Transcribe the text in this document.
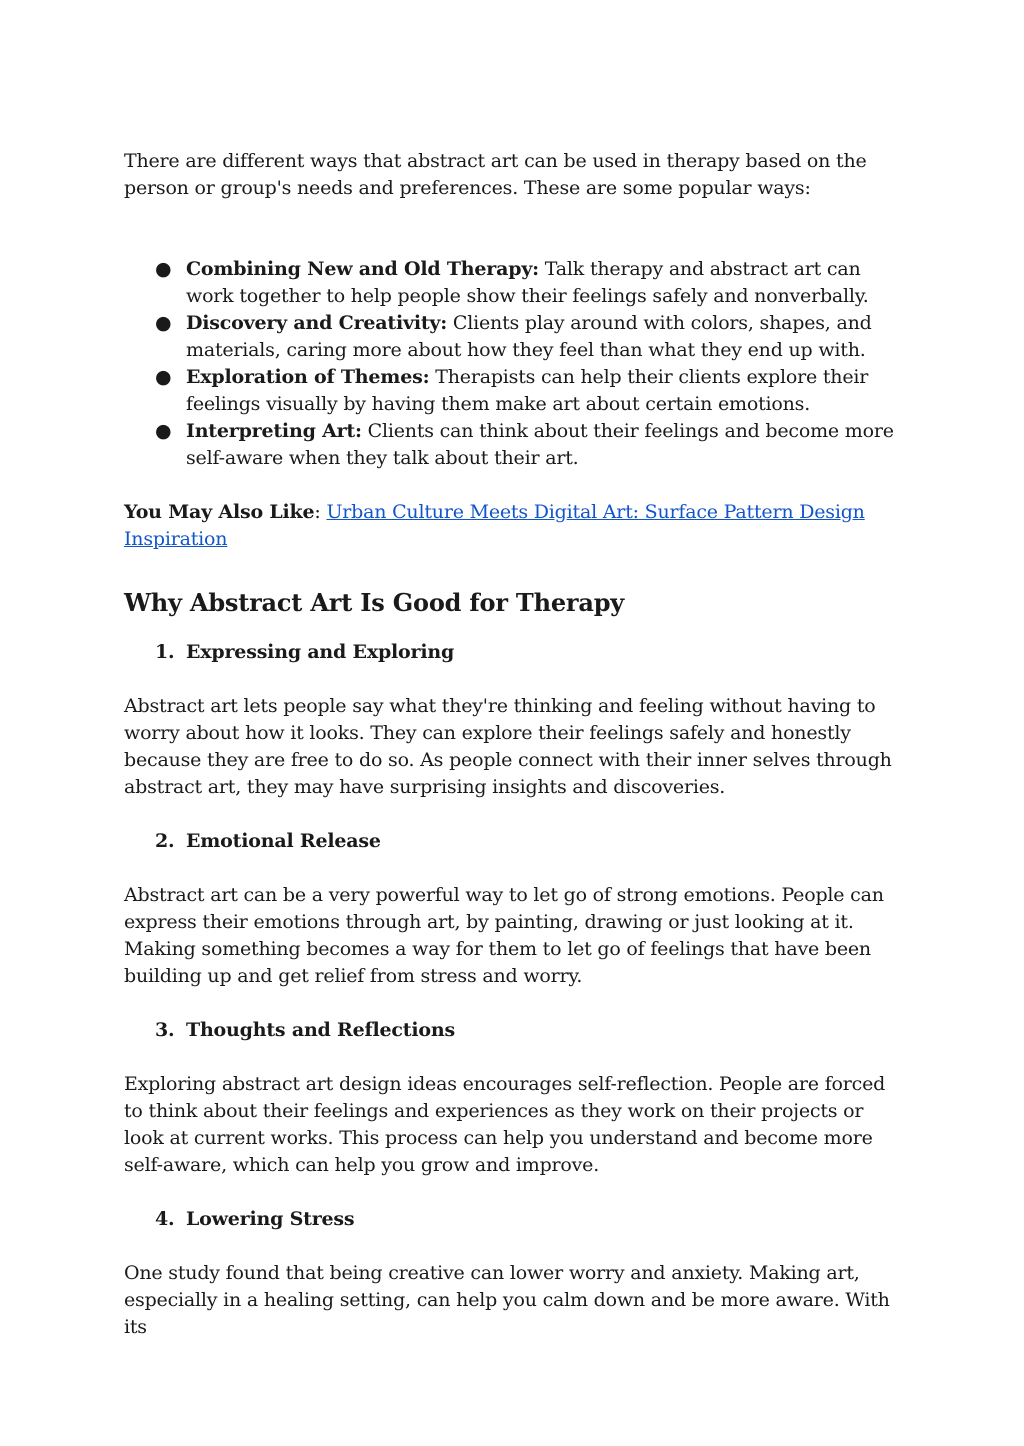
There are different ways that abstract art can be used in therapy based on the person or group's needs and preferences. These are some popular ways:

● Combining New and Old Therapy: Talk therapy and abstract art can work together to help people show their feelings safely and nonverbally.
● Discovery and Creativity: Clients play around with colors, shapes, and materials, caring more about how they feel than what they end up with.
● Exploration of Themes: Therapists can help their clients explore their feelings visually by having them make art about certain emotions.
● Interpreting Art: Clients can think about their feelings and become more self-aware when they talk about their art.

You May Also Like: Urban Culture Meets Digital Art: Surface Pattern Design Inspiration

Why Abstract Art Is Good for Therapy
1. Expressing and Exploring

Abstract art lets people say what they're thinking and feeling without having to worry about how it looks. They can explore their feelings safely and honestly because they are free to do so. As people connect with their inner selves through abstract art, they may have surprising insights and discoveries.

2. Emotional Release

Abstract art can be a very powerful way to let go of strong emotions. People can express their emotions through art, by painting, drawing or just looking at it. Making something becomes a way for them to let go of feelings that have been building up and get relief from stress and worry.

3. Thoughts and Reflections

Exploring abstract art design ideas encourages self-reflection. People are forced to think about their feelings and experiences as they work on their projects or look at current works. This process can help you understand and become more self-aware, which can help you grow and improve.

4. Lowering Stress

One study found that being creative can lower worry and anxiety. Making art, especially in a healing setting, can help you calm down and be more aware. With its
